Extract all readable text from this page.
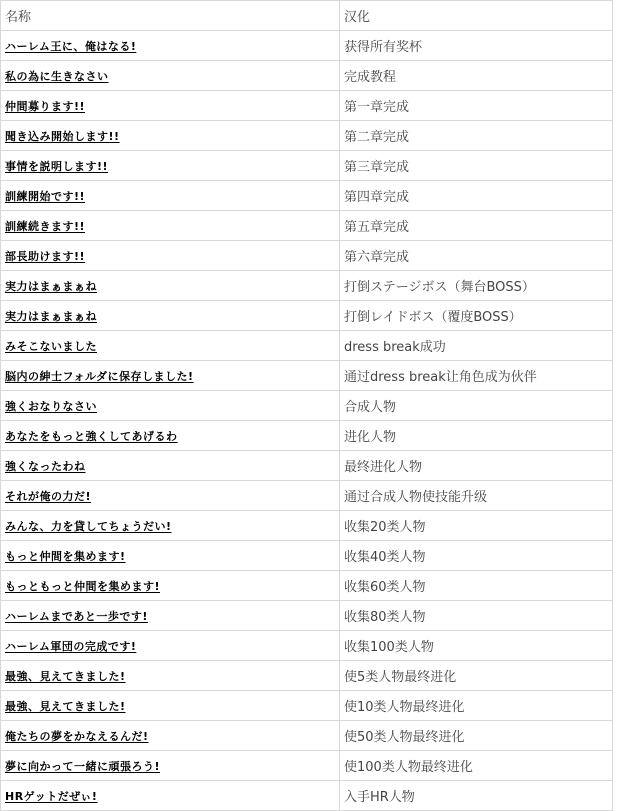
名称	汉化
ハーレム王に、俺はなる!	获得所有奖杯
私の為に生きなさい	完成教程
仲間募ります!!	第一章完成
聞き込み開始します!!	第二章完成
事情を説明します!!	第三章完成
訓練開始です!!	第四章完成
訓練続きます!!	第五章完成
部長助けます!!	第六章完成
実力はまぁまぁね	打倒ステージボス（舞台BOSS）
実力はまぁまぁね	打倒レイドボス（覆度BOSS）
みそこないました	dress break成功
脳内の紳士フォルダに保存しました!	通过dress break让角色成为伙伴
強くおなりなさい	合成人物
あなたをもっと強くしてあげるわ	进化人物
強くなったわね	最终进化人物
それが俺の力だ!	通过合成人物使技能升级
みんな、力を貸してちょうだい!	收集20类人物
もっと仲間を集めます!	收集40类人物
もっともっと仲間を集めます!	收集60类人物
ハーレムまであと一歩です!	收集80类人物
ハーレム軍団の完成です!	收集100类人物
最強、見えてきました!	使5类人物最终进化
最強、見えてきました!	使10类人物最终进化
俺たちの夢をかなえるんだ!	使50类人物最终进化
夢に向かって一緒に頑張ろう!	使100类人物最终进化
HRゲットだぜぃ!	入手HR人物
